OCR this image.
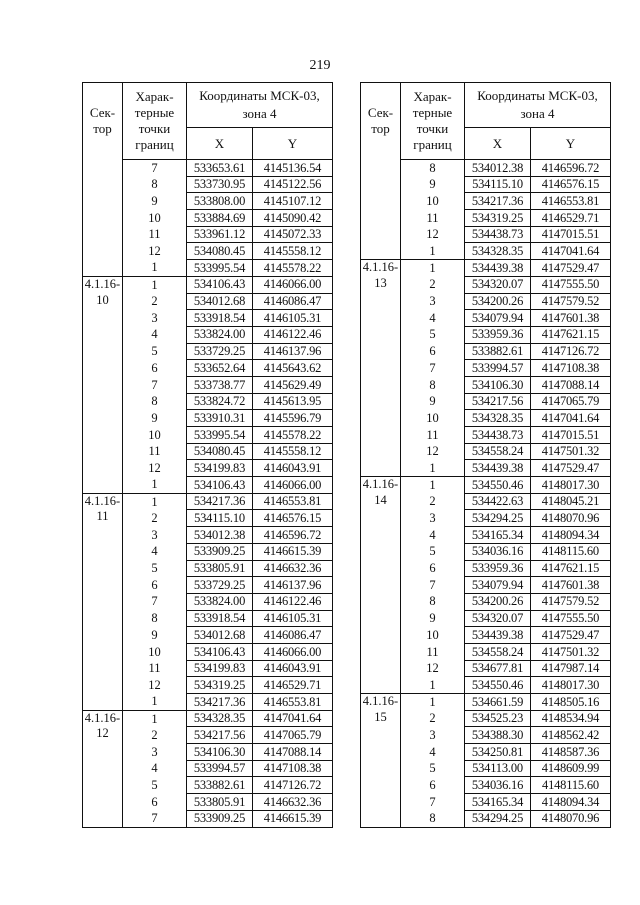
219
Сек-тор	Харак-терные точки границ	Координаты МСК-03, зона 4	
		X	Y
	7	533653.61	4145136.54
	8	533730.95	4145122.56
	9	533808.00	4145107.12
	10	533884.69	4145090.42
	11	533961.12	4145072.33
	12	534080.45	4145558.12
	1	533995.54	4145578.22
4.1.16-10	1	534106.43	4146066.00
	2	534012.68	4146086.47
	3	533918.54	4146105.31
	4	533824.00	4146122.46
	5	533729.25	4146137.96
	6	533652.64	4145643.62
	7	533738.77	4145629.49
	8	533824.72	4145613.95
	9	533910.31	4145596.79
	10	533995.54	4145578.22
	11	534080.45	4145558.12
	12	534199.83	4146043.91
	1	534106.43	4146066.00
4.1.16-11	1	534217.36	4146553.81
	2	534115.10	4146576.15
	3	534012.38	4146596.72
	4	533909.25	4146615.39
	5	533805.91	4146632.36
	6	533729.25	4146137.96
	7	533824.00	4146122.46
	8	533918.54	4146105.31
	9	534012.68	4146086.47
	10	534106.43	4146066.00
	11	534199.83	4146043.91
	12	534319.25	4146529.71
	1	534217.36	4146553.81
4.1.16-12	1	534328.35	4147041.64
	2	534217.56	4147065.79
	3	534106.30	4147088.14
	4	533994.57	4147108.38
	5	533882.61	4147126.72
	6	533805.91	4146632.36
	7	533909.25	4146615.39
Сек-тор	Харак-терные точки границ	Координаты МСК-03, зона 4	
		X	Y
	8	534012.38	4146596.72
	9	534115.10	4146576.15
	10	534217.36	4146553.81
	11	534319.25	4146529.71
	12	534438.73	4147015.51
	1	534328.35	4147041.64
4.1.16-13	1	534439.38	4147529.47
	2	534320.07	4147555.50
	3	534200.26	4147579.52
	4	534079.94	4147601.38
	5	533959.36	4147621.15
	6	533882.61	4147126.72
	7	533994.57	4147108.38
	8	534106.30	4147088.14
	9	534217.56	4147065.79
	10	534328.35	4147041.64
	11	534438.73	4147015.51
	12	534558.24	4147501.32
	1	534439.38	4147529.47
4.1.16-14	1	534550.46	4148017.30
	2	534422.63	4148045.21
	3	534294.25	4148070.96
	4	534165.34	4148094.34
	5	534036.16	4148115.60
	6	533959.36	4147621.15
	7	534079.94	4147601.38
	8	534200.26	4147579.52
	9	534320.07	4147555.50
	10	534439.38	4147529.47
	11	534558.24	4147501.32
	12	534677.81	4147987.14
	1	534550.46	4148017.30
4.1.16-15	1	534661.59	4148505.16
	2	534525.23	4148534.94
	3	534388.30	4148562.42
	4	534250.81	4148587.36
	5	534113.00	4148609.99
	6	534036.16	4148115.60
	7	534165.34	4148094.34
	8	534294.25	4148070.96
